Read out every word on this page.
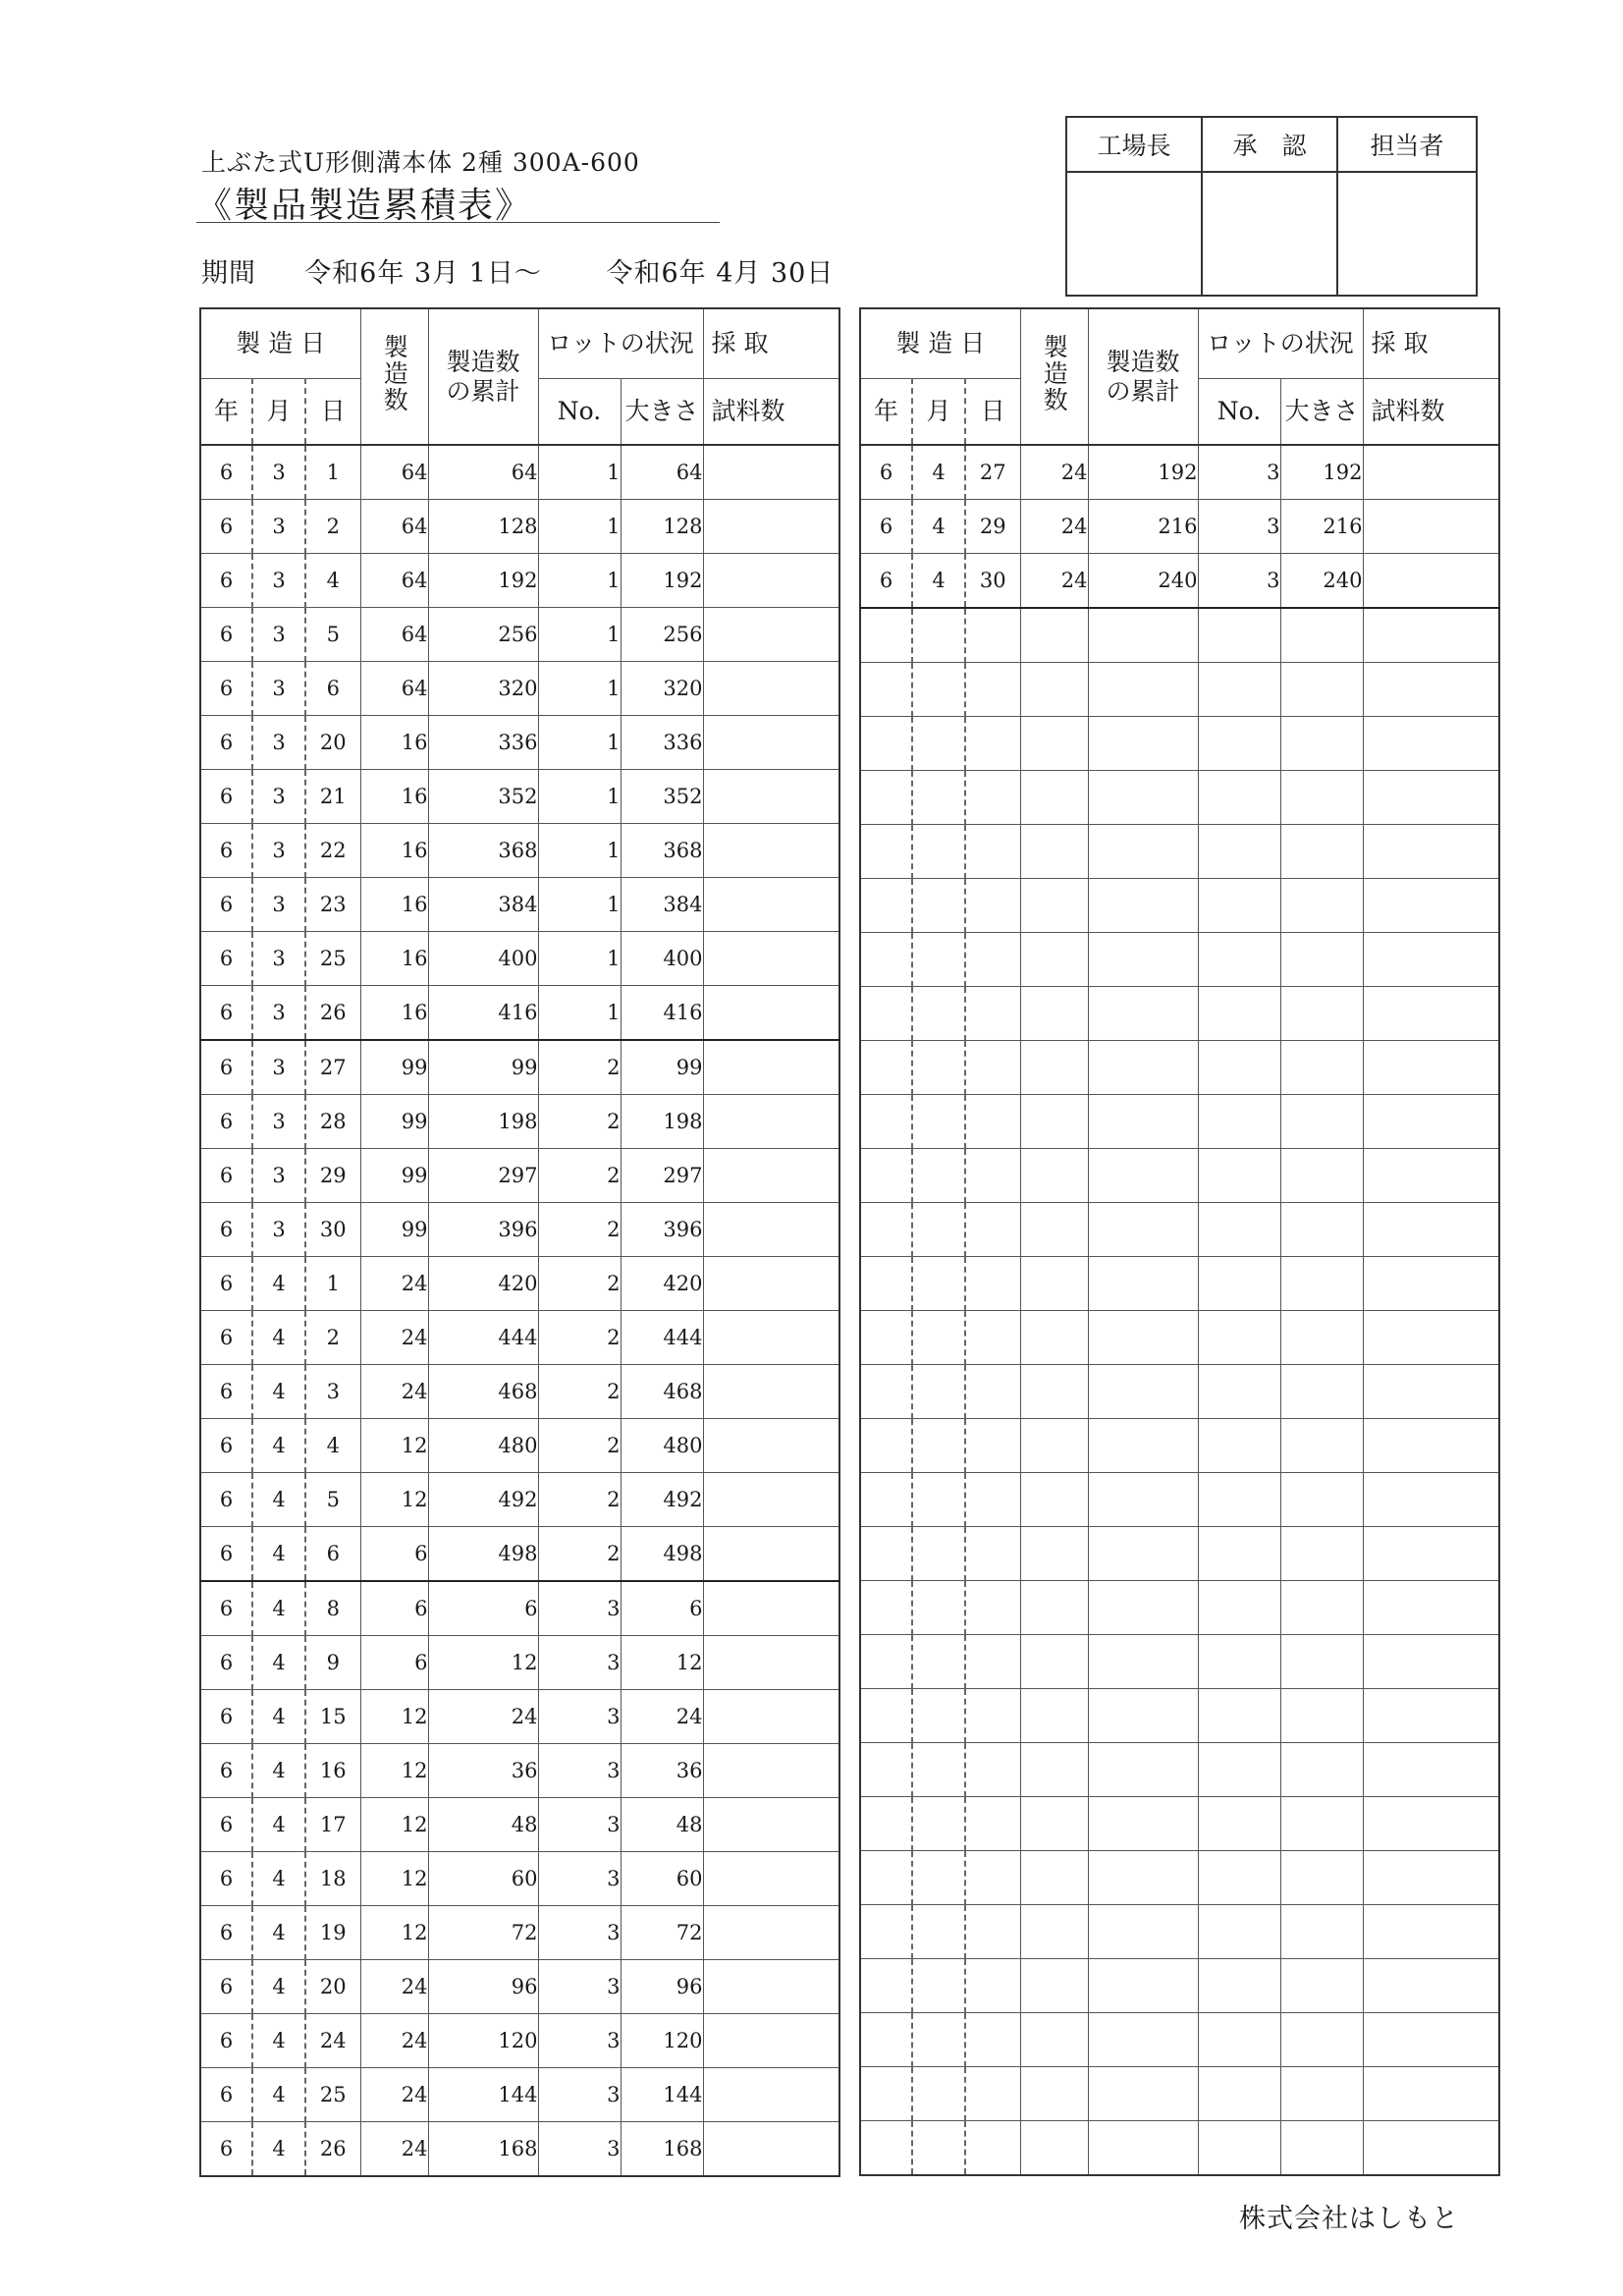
上ぶた式U形側溝本体 2種 300A-600
《製品製造累積表》
期間 令和6年 3月 1日～ 令和6年 4月 30日
工場長	承　認	担当者

製 造 日			製造数	製造数の累計	ロットの状況		採 取
年	月	日			No.	大きさ	試料数
6	3	1	64	64	1	64	
6	3	2	64	128	1	128	
6	3	4	64	192	1	192	
6	3	5	64	256	1	256	
6	3	6	64	320	1	320	
6	3	20	16	336	1	336	
6	3	21	16	352	1	352	
6	3	22	16	368	1	368	
6	3	23	16	384	1	384	
6	3	25	16	400	1	400	
6	3	26	16	416	1	416	
6	3	27	99	99	2	99	
6	3	28	99	198	2	198	
6	3	29	99	297	2	297	
6	3	30	99	396	2	396	
6	4	1	24	420	2	420	
6	4	2	24	444	2	444	
6	4	3	24	468	2	468	
6	4	4	12	480	2	480	
6	4	5	12	492	2	492	
6	4	6	6	498	2	498	
6	4	8	6	6	3	6	
6	4	9	6	12	3	12	
6	4	15	12	24	3	24	
6	4	16	12	36	3	36	
6	4	17	12	48	3	48	
6	4	18	12	60	3	60	
6	4	19	12	72	3	72	
6	4	20	24	96	3	96	
6	4	24	24	120	3	120	
6	4	25	24	144	3	144	
6	4	26	24	168	3	168	
製 造 日			製造数	製造数の累計	ロットの状況		採 取
年	月	日			No.	大きさ	試料数
6	4	27	24	192	3	192	
6	4	29	24	216	3	216	
6	4	30	24	240	3	240	

株式会社はしもと
